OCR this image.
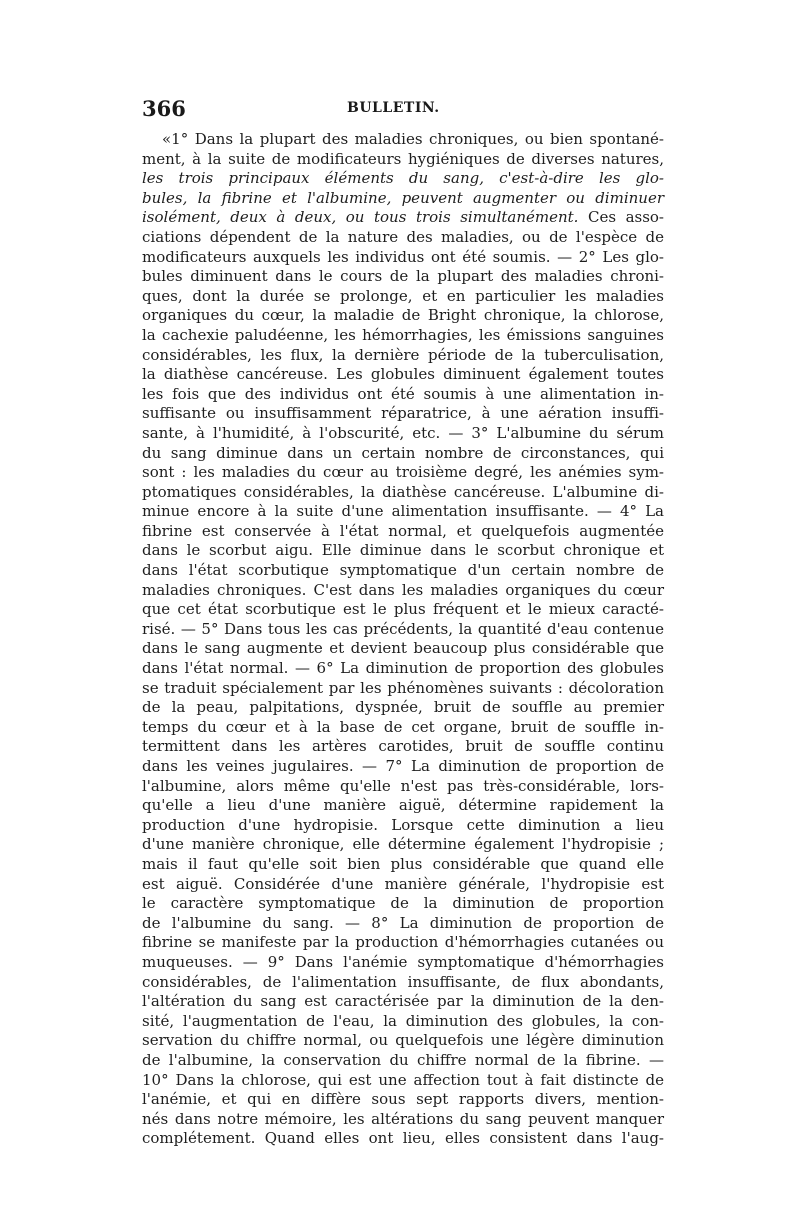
366	BULLETIN.
«1° Dans la plupart des maladies chroniques, ou bien spontané-
ment, à la suite de modificateurs hygiéniques de diverses natures,
les trois principaux éléments du sang, c'est-à-dire les glo-
bules, la fibrine et l'albumine, peuvent augmenter ou diminuer
isolément, deux à deux, ou tous trois simultanément. Ces asso-
ciations dépendent de la nature des maladies, ou de l'espèce de
modificateurs auxquels les individus ont été soumis. — 2° Les glo-
bules diminuent dans le cours de la plupart des maladies chroni-
ques, dont la durée se prolonge, et en particulier les maladies
organiques du cœur, la maladie de Bright chronique, la chlorose,
la cachexie paludéenne, les hémorrhagies, les émissions sanguines
considérables, les flux, la dernière période de la tuberculisation,
la diathèse cancéreuse. Les globules diminuent également toutes
les fois que des individus ont été soumis à une alimentation in-
suffisante ou insuffisamment réparatrice, à une aération insuffi-
sante, à l'humidité, à l'obscurité, etc. — 3° L'albumine du sérum
du sang diminue dans un certain nombre de circonstances, qui
sont : les maladies du cœur au troisième degré, les anémies sym-
ptomatiques considérables, la diathèse cancéreuse. L'albumine di-
minue encore à la suite d'une alimentation insuffisante. — 4° La
fibrine est conservée à l'état normal, et quelquefois augmentée
dans le scorbut aigu. Elle diminue dans le scorbut chronique et
dans l'état scorbutique symptomatique d'un certain nombre de
maladies chroniques. C'est dans les maladies organiques du cœur
que cet état scorbutique est le plus fréquent et le mieux caracté-
risé. — 5° Dans tous les cas précédents, la quantité d'eau contenue
dans le sang augmente et devient beaucoup plus considérable que
dans l'état normal. — 6° La diminution de proportion des globules
se traduit spécialement par les phénomènes suivants : décoloration
de la peau, palpitations, dyspnée, bruit de souffle au premier
temps du cœur et à la base de cet organe, bruit de souffle in-
termittent dans les artères carotides, bruit de souffle continu
dans les veines jugulaires. — 7° La diminution de proportion de
l'albumine, alors même qu'elle n'est pas très-considérable, lors-
qu'elle a lieu d'une manière aiguë, détermine rapidement la
production d'une hydropisie. Lorsque cette diminution a lieu
d'une manière chronique, elle détermine également l'hydropisie ;
mais il faut qu'elle soit bien plus considérable que quand elle
est aiguë. Considérée d'une manière générale, l'hydropisie est
le caractère symptomatique de la diminution de proportion
de l'albumine du sang. — 8° La diminution de proportion de
fibrine se manifeste par la production d'hémorrhagies cutanées ou
muqueuses. — 9° Dans l'anémie symptomatique d'hémorrhagies
considérables, de l'alimentation insuffisante, de flux abondants,
l'altération du sang est caractérisée par la diminution de la den-
sité, l'augmentation de l'eau, la diminution des globules, la con-
servation du chiffre normal, ou quelquefois une légère diminution
de l'albumine, la conservation du chiffre normal de la fibrine. —
10° Dans la chlorose, qui est une affection tout à fait distincte de
l'anémie, et qui en diffère sous sept rapports divers, mention-
nés dans notre mémoire, les altérations du sang peuvent manquer
complétement. Quand elles ont lieu, elles consistent dans l'aug-
